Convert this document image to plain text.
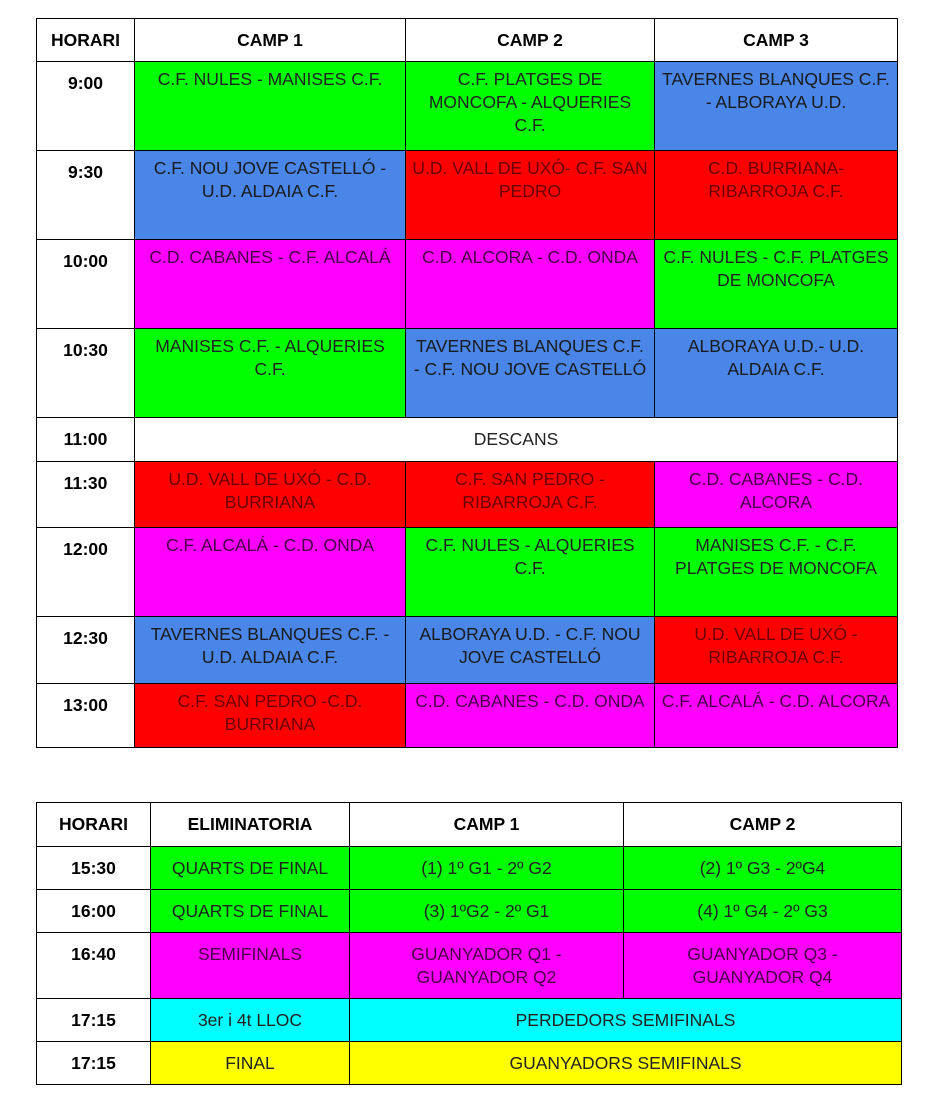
HORARI	CAMP 1	CAMP 2	CAMP 3
9:00	C.F. NULES - MANISES C.F.	C.F. PLATGES DE MONCOFA - ALQUERIES C.F.	TAVERNES BLANQUES C.F. - ALBORAYA U.D.
9:30	C.F. NOU JOVE CASTELLÓ - U.D. ALDAIA C.F.	U.D. VALL DE UXÓ- C.F. SAN PEDRO	C.D. BURRIANA- RIBARROJA C.F.
10:00	C.D. CABANES - C.F. ALCALÁ	C.D. ALCORA - C.D. ONDA	C.F. NULES - C.F. PLATGES DE MONCOFA
10:30	MANISES C.F. - ALQUERIES C.F.	TAVERNES BLANQUES C.F. - C.F. NOU JOVE CASTELLÓ	ALBORAYA U.D.- U.D. ALDAIA C.F.
11:00	DESCANS		
11:30	U.D. VALL DE UXÓ - C.D. BURRIANA	C.F. SAN PEDRO - RIBARROJA C.F.	C.D. CABANES - C.D. ALCORA
12:00	C.F. ALCALÁ - C.D. ONDA	C.F. NULES - ALQUERIES C.F.	MANISES C.F. - C.F. PLATGES DE MONCOFA
12:30	TAVERNES BLANQUES C.F. - U.D. ALDAIA C.F.	ALBORAYA U.D. - C.F. NOU JOVE CASTELLÓ	U.D. VALL DE UXÓ - RIBARROJA C.F.
13:00	C.F. SAN PEDRO -C.D. BURRIANA	C.D. CABANES - C.D. ONDA	C.F. ALCALÁ - C.D. ALCORA
HORARI	ELIMINATORIA	CAMP 1	CAMP 2
15:30	QUARTS DE FINAL	(1) 1º G1 - 2º G2	(2) 1º G3 - 2ºG4
16:00	QUARTS DE FINAL	(3) 1ºG2 - 2º G1	(4) 1º G4 - 2º G3
16:40	SEMIFINALS	GUANYADOR Q1 - GUANYADOR Q2	GUANYADOR Q3 - GUANYADOR Q4
17:15	3er i 4t LLOC	PERDEDORS SEMIFINALS	
17:15	FINAL	GUANYADORS SEMIFINALS	
